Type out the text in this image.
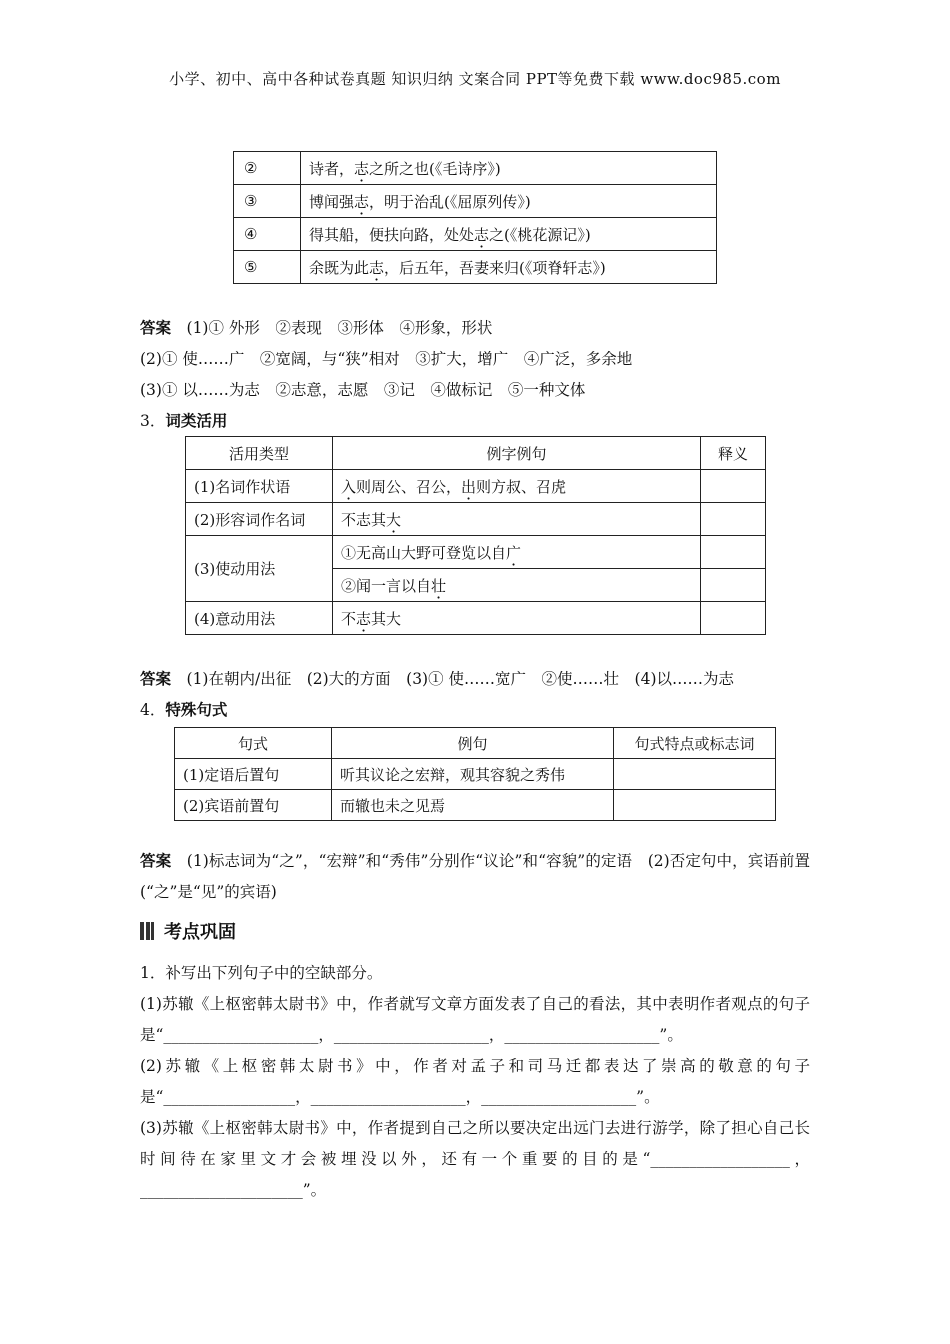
小学、初中、高中各种试卷真题 知识归纳 文案合同 PPT等免费下载 www.doc985.com
②	诗者，志之所之也(《毛诗序》)
③	博闻强志，明于治乱(《屈原列传》)
④	得其船，便扶向路，处处志之(《桃花源记》)
⑤	余既为此志，后五年，吾妻来归(《项脊轩志》)
答案　(1)① 外形　②表现　③形体　④形象，形状
(2)① 使……广　②宽阔，与“狭”相对　③扩大，增广　④广泛，多余地
(3)① 以……为志　②志意，志愿　③记　④做标记　⑤一种文体
3．词类活用
活用类型	例字例句	释义
(1)名词作状语	入则周公、召公，出则方叔、召虎	
(2)形容词作名词	不志其大	
(3)使动用法	①无高山大野可登览以自广	
	②闻一言以自壮	
(4)意动用法	不志其大	
答案　(1)在朝内/出征　(2)大的方面　(3)① 使……宽广　②使……壮　(4)以……为志
4．特殊句式
句式	例句	句式特点或标志词
(1)定语后置句	听其议论之宏辩，观其容貌之秀伟	
(2)宾语前置句	而辙也未之见焉	
答案　(1)标志词为“之”，“宏辩”和“秀伟”分别作“议论”和“容貌”的定语　(2)否定句中，宾语前置(“之”是“见”的宾语)
考点巩固
1．补写出下列句子中的空缺部分。
(1)苏辙《上枢密韩太尉书》中，作者就写文章方面发表了自己的看法，其中表明作者观点的句子是“____________________，____________________，____________________”。
(2)苏辙《上枢密韩太尉书》中，作者对孟子和司马迁都表达了崇高的敬意的句子是“_________________，____________________，____________________”。
(3)苏辙《上枢密韩太尉书》中，作者提到自己之所以要决定出远门去进行游学，除了担心自己长时间待在家里文才会被埋没以外，还有一个重要的目的是“__________________，_____________________”。
